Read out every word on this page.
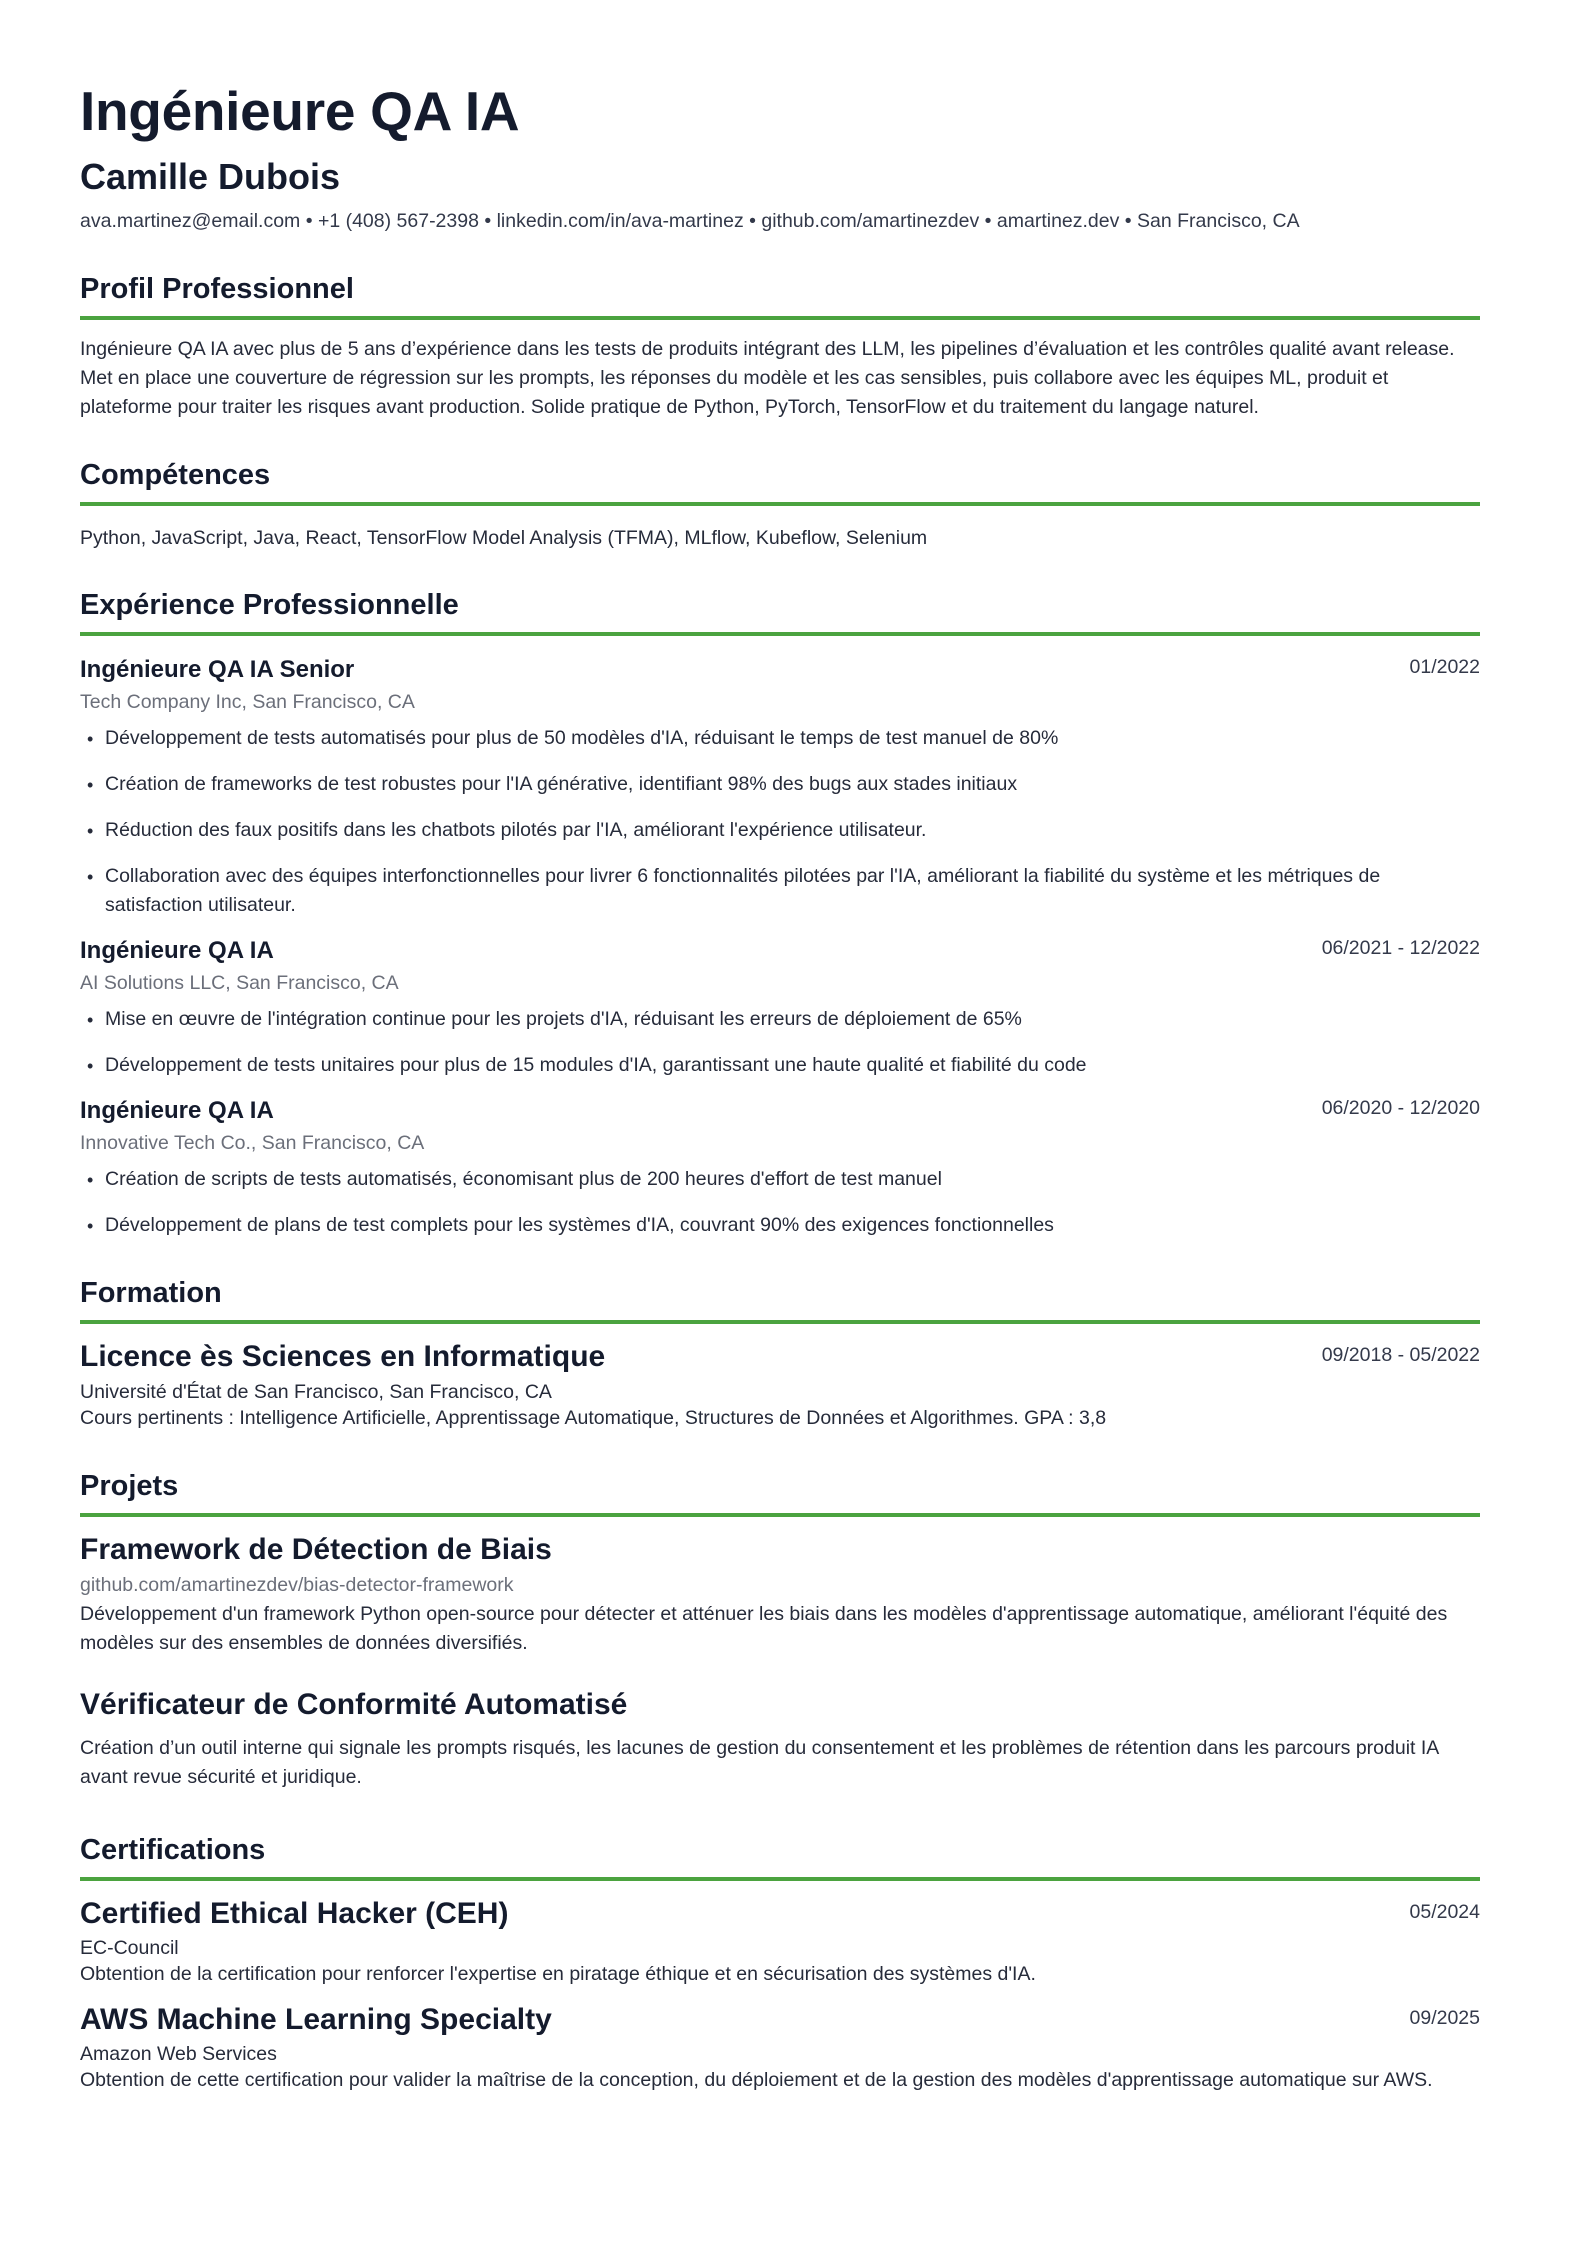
Ingénieure QA IA
Camille Dubois
ava.martinez@email.com • +1 (408) 567-2398 • linkedin.com/in/ava-martinez • github.com/amartinezdev • amartinez.dev • San Francisco, CA
Profil Professionnel
Ingénieure QA IA avec plus de 5 ans d’expérience dans les tests de produits intégrant des LLM, les pipelines d’évaluation et les contrôles qualité avant release. Met en place une couverture de régression sur les prompts, les réponses du modèle et les cas sensibles, puis collabore avec les équipes ML, produit et plateforme pour traiter les risques avant production. Solide pratique de Python, PyTorch, TensorFlow et du traitement du langage naturel.
Compétences
Python, JavaScript, Java, React, TensorFlow Model Analysis (TFMA), MLflow, Kubeflow, Selenium
Expérience Professionnelle
Ingénieure QA IA Senior	01/2022
Tech Company Inc, San Francisco, CA
• Développement de tests automatisés pour plus de 50 modèles d'IA, réduisant le temps de test manuel de 80%
• Création de frameworks de test robustes pour l'IA générative, identifiant 98% des bugs aux stades initiaux
• Réduction des faux positifs dans les chatbots pilotés par l'IA, améliorant l'expérience utilisateur.
• Collaboration avec des équipes interfonctionnelles pour livrer 6 fonctionnalités pilotées par l'IA, améliorant la fiabilité du système et les métriques de satisfaction utilisateur.
Ingénieure QA IA	06/2021 - 12/2022
AI Solutions LLC, San Francisco, CA
• Mise en œuvre de l'intégration continue pour les projets d'IA, réduisant les erreurs de déploiement de 65%
• Développement de tests unitaires pour plus de 15 modules d'IA, garantissant une haute qualité et fiabilité du code
Ingénieure QA IA	06/2020 - 12/2020
Innovative Tech Co., San Francisco, CA
• Création de scripts de tests automatisés, économisant plus de 200 heures d'effort de test manuel
• Développement de plans de test complets pour les systèmes d'IA, couvrant 90% des exigences fonctionnelles
Formation
Licence ès Sciences en Informatique	09/2018 - 05/2022
Université d'État de San Francisco, San Francisco, CA
Cours pertinents : Intelligence Artificielle, Apprentissage Automatique, Structures de Données et Algorithmes. GPA : 3,8
Projets
Framework de Détection de Biais
github.com/amartinezdev/bias-detector-framework
Développement d'un framework Python open-source pour détecter et atténuer les biais dans les modèles d'apprentissage automatique, améliorant l'équité des modèles sur des ensembles de données diversifiés.
Vérificateur de Conformité Automatisé
Création d’un outil interne qui signale les prompts risqués, les lacunes de gestion du consentement et les problèmes de rétention dans les parcours produit IA avant revue sécurité et juridique.
Certifications
Certified Ethical Hacker (CEH)	05/2024
EC-Council
Obtention de la certification pour renforcer l'expertise en piratage éthique et en sécurisation des systèmes d'IA.
AWS Machine Learning Specialty	09/2025
Amazon Web Services
Obtention de cette certification pour valider la maîtrise de la conception, du déploiement et de la gestion des modèles d'apprentissage automatique sur AWS.
